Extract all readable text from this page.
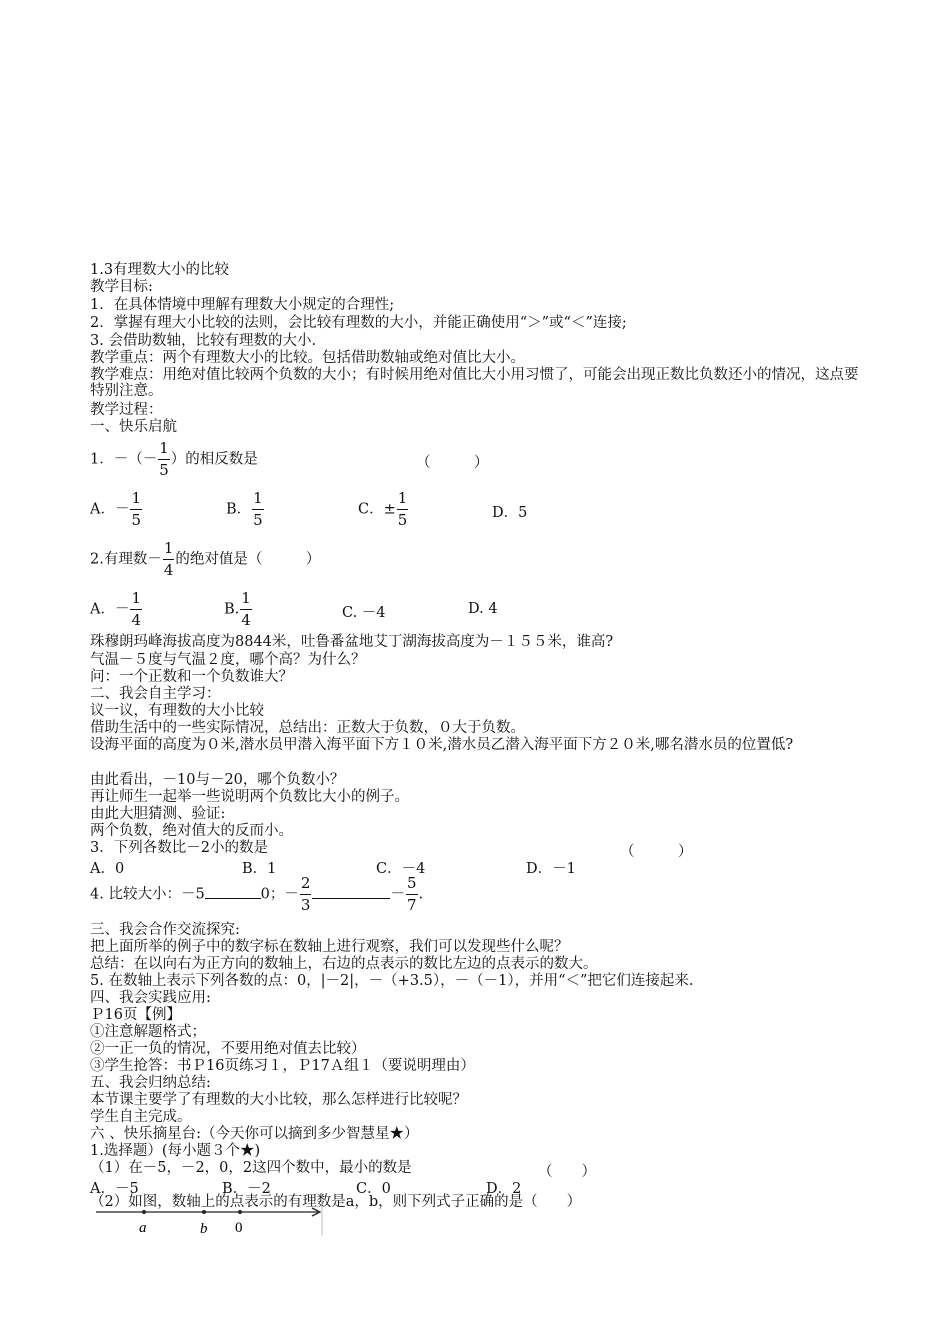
1.3有理数大小的比较
教学目标:
1．在具体情境中理解有理数大小规定的合理性;
2．掌握有理大小比较的法则，会比较有理数的大小，并能正确使用“＞”或“＜”连接;
3. 会借助数轴，比较有理数的大小.
教学重点：两个有理数大小的比较。包括借助数轴或绝对值比大小。
教学难点：用绝对值比较两个负数的大小；有时候用绝对值比大小用习惯了，可能会出现正数比负数还小的情况，这点要特别注意。
教学过程：
一、快乐启航
1．－（－ $\frac{1}{5}$ ）的相反数是	（　　　）
A．－ $\frac{1}{5}$	B． $\frac{1}{5}$	C．± $\frac{1}{5}$	D．5
2.有理数－ $\frac{1}{4}$ 的绝对值是（　　　）
A．－ $\frac{1}{4}$	B. $\frac{1}{4}$	C. －4	D. 4
珠穆朗玛峰海拔高度为8844米，吐鲁番盆地艾丁湖海拔高度为－１５５米，谁高?
气温－５度与气温２度，哪个高？为什么？
问：一个正数和一个负数谁大？
二、我会自主学习：
议一议，有理数的大小比较
借助生活中的一些实际情况，总结出：正数大于负数，０大于负数。
设海平面的高度为０米,潜水员甲潜入海平面下方１０米,潜水员乙潜入海平面下方２０米,哪名潜水员的位置低?
由此看出，－10与－20，哪个负数小？
再让师生一起举一些说明两个负数比大小的例子。
由此大胆猜测、验证:
两个负数，绝对值大的反而小。
3．下列各数比－2小的数是	（　　　）
A．0	B．1	C．－4	D．－1
4. 比较大小：－5	0；－ $\frac{2}{3}$	－ $\frac{5}{7}$ .
三、我会合作交流探究:
把上面所举的例子中的数字标在数轴上进行观察，我们可以发现些什么呢？
总结：在以向右为正方向的数轴上，右边的点表示的数比左边的点表示的数大。
5. 在数轴上表示下列各数的点：0，|－2|，－（+3.5），－（－1），并用“＜”把它们连接起来.
四、我会实践应用:
Ｐ16页【例】
①注意解题格式；
②一正一负的情况，不要用绝对值去比较）
③学生抢答：书Ｐ16页练习１，Ｐ17Ａ组１（要说明理由）
五、我会归纳总结:
本节课主要学了有理数的大小比较，那么怎样进行比较呢？
学生自主完成。
六 、快乐摘星台:（今天你可以摘到多少智慧星★）
1.选择题）(每小题３个★)
（1）在－5，－2，0，2这四个数中，最小的数是	（　　）
A．－5	B．－2	C．0	D．2
（2）如图，数轴上的点表示的有理数是a，b，则下列式子正确的是（　　）
a	b 0
